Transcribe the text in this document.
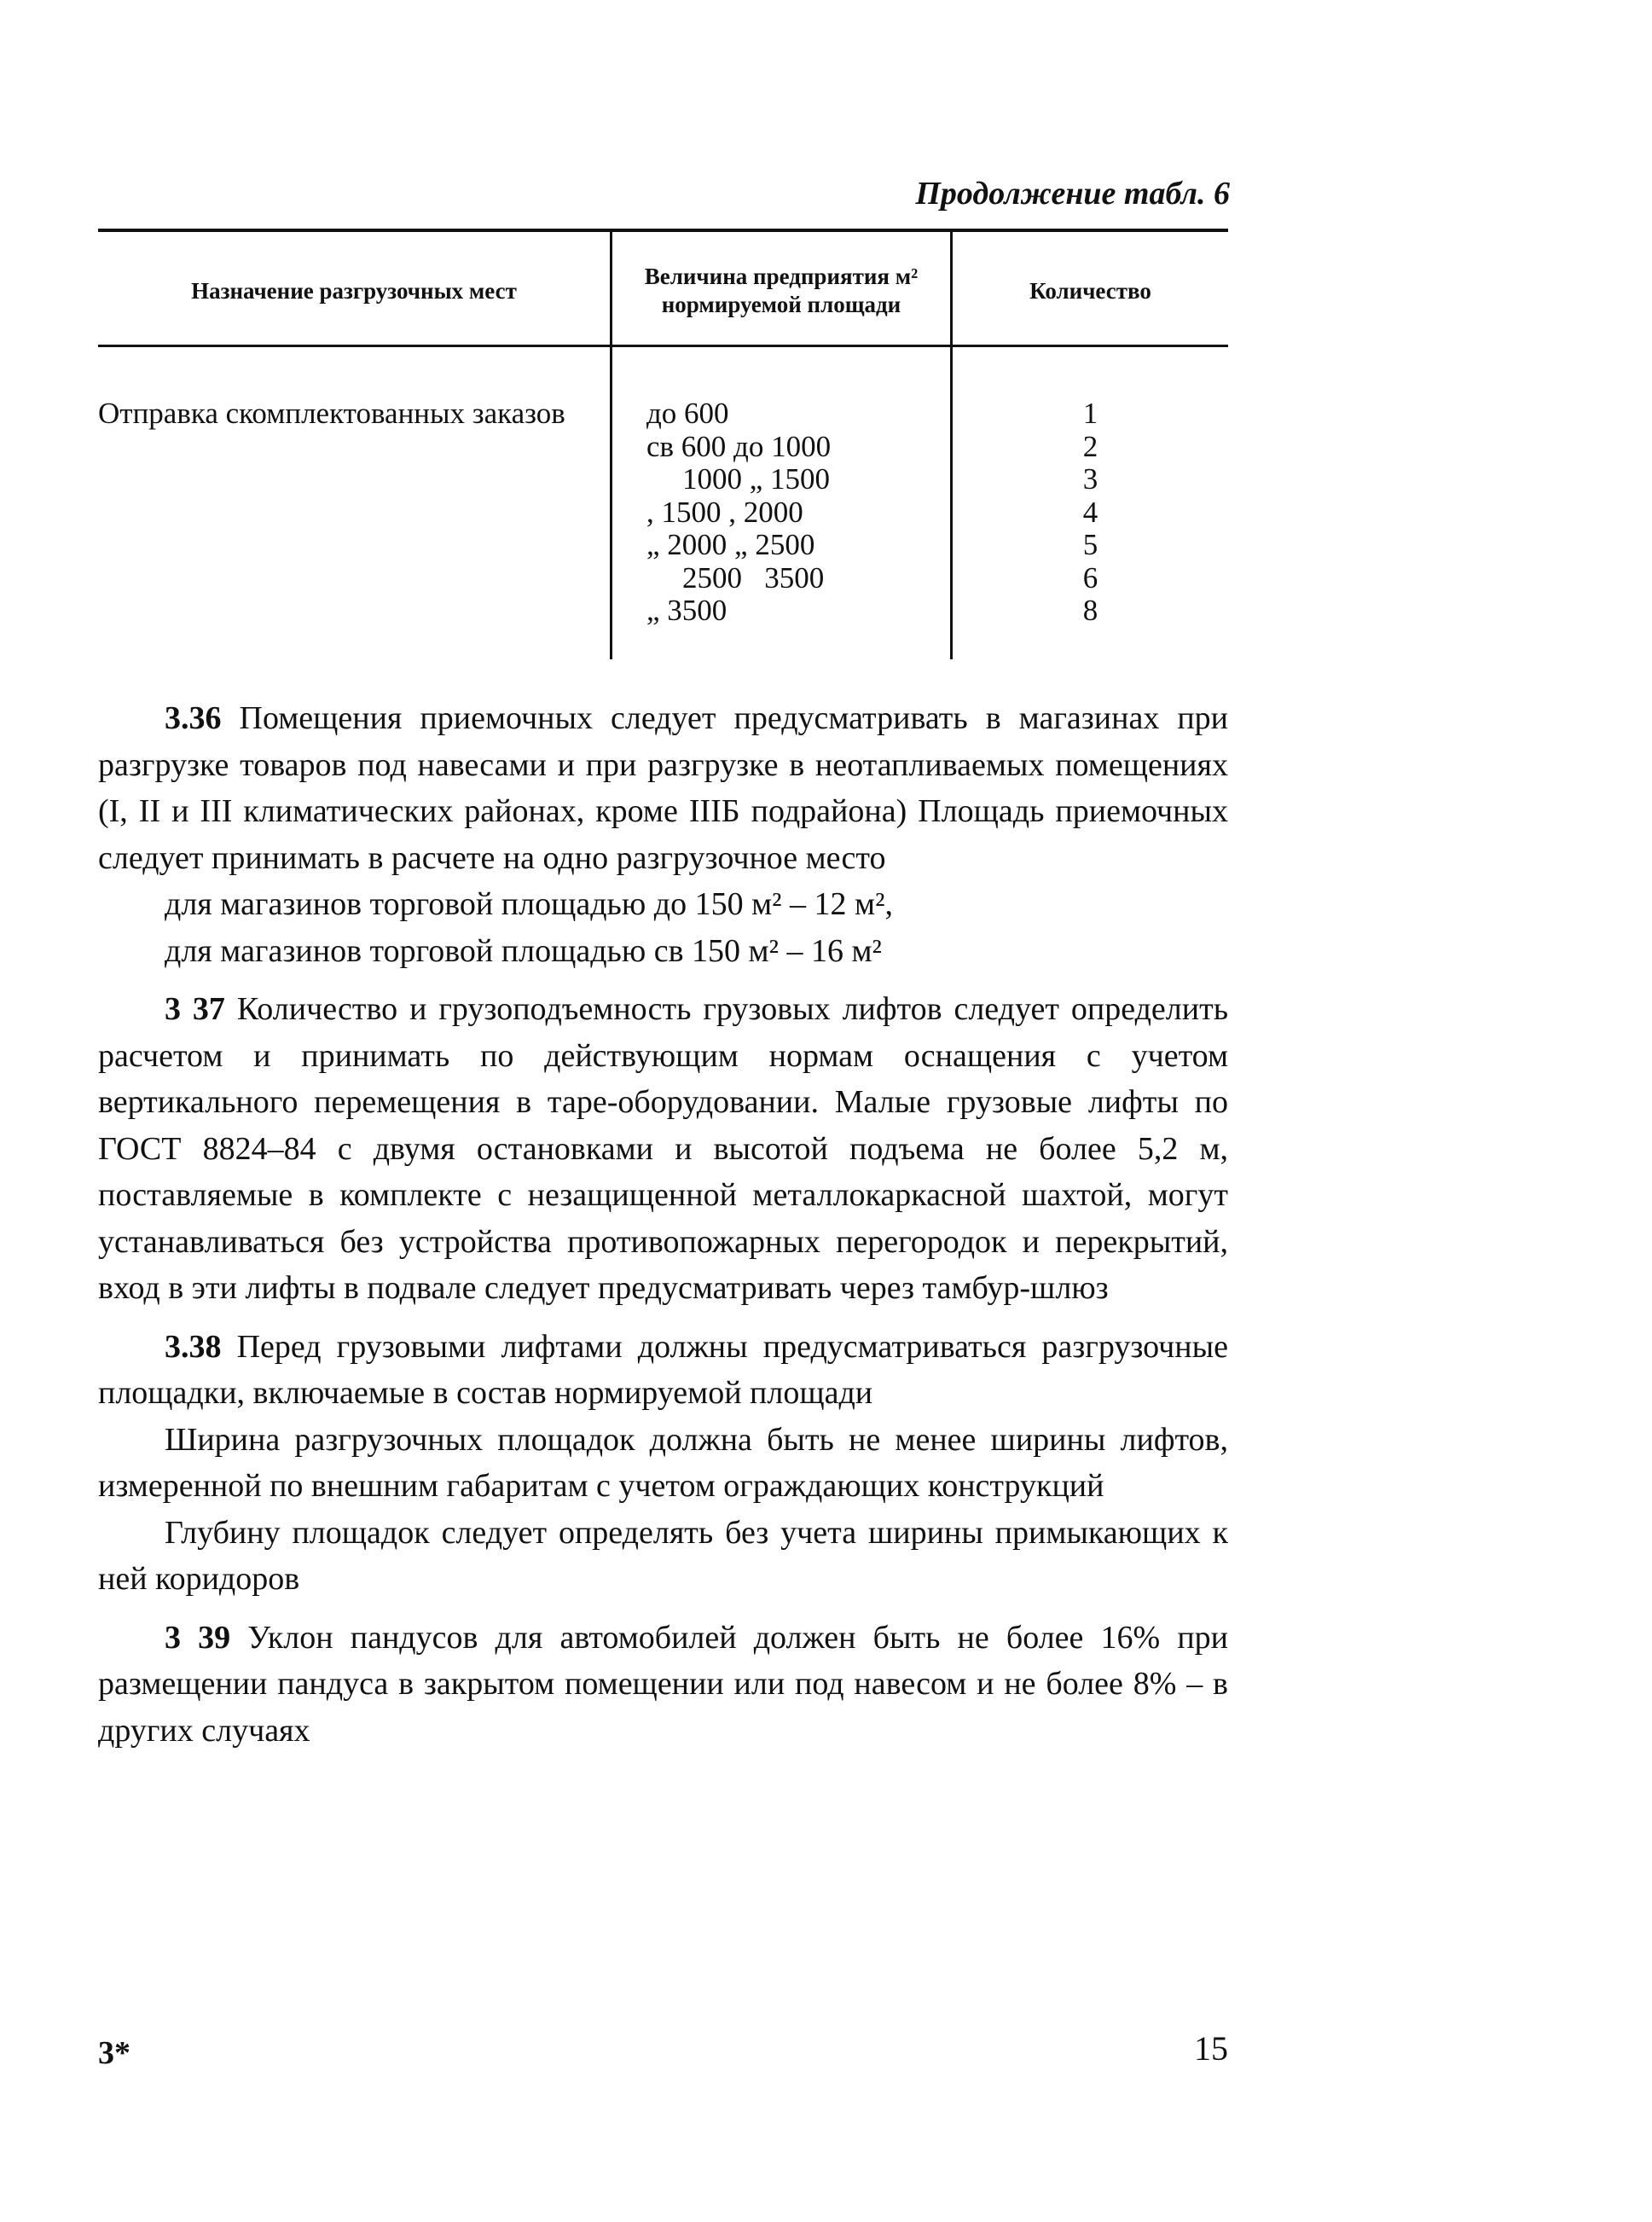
Продолжение табл. 6
Назначение разгрузочных мест
Величина предприятия м² нормируемой площади
Количество
Отправка скомплектованных заказов	до 600
св 600 до 1000
1000 „ 1500
, 1500 , 2000
„ 2000 „ 2500
2500   3500
„ 3500
1
2
3
4
5
6
8

3.36 Помещения приемочных следует предусматривать в магазинах при разгрузке товаров под навесами и при разгрузке в неотапливаемых помещениях (I, II и III климатических районах, кроме IIIБ подрайона) Площадь приемочных следует принимать в расчете на одно разгрузочное место

для магазинов торговой площадью до 150 м² – 12 м²,

для магазинов торговой площадью св 150 м² – 16 м²

3 37 Количество и грузоподъемность грузовых лифтов следует определить расчетом и принимать по действующим нормам оснащения с учетом вертикального перемещения в таре-оборудовании. Малые грузовые лифты по ГОСТ 8824–84 с двумя остановками и высотой подъема не более 5,2 м, поставляемые в комплекте с незащищенной металлокаркасной шахтой, могут устанавливаться без устройства противопожарных перегородок и перекрытий, вход в эти лифты в подвале следует предусматривать через тамбур-шлюз

3.38 Перед грузовыми лифтами должны предусматриваться разгрузочные площадки, включаемые в состав нормируемой площади

Ширина разгрузочных площадок должна быть не менее ширины лифтов, измеренной по внешним габаритам с учетом ограждающих конструкций

Глубину площадок следует определять без учета ширины примыкающих к ней коридоров

3 39 Уклон пандусов для автомобилей должен быть не более 16% при размещении пандуса в закрытом помещении или под навесом и не более 8% – в других случаях

3*	15
